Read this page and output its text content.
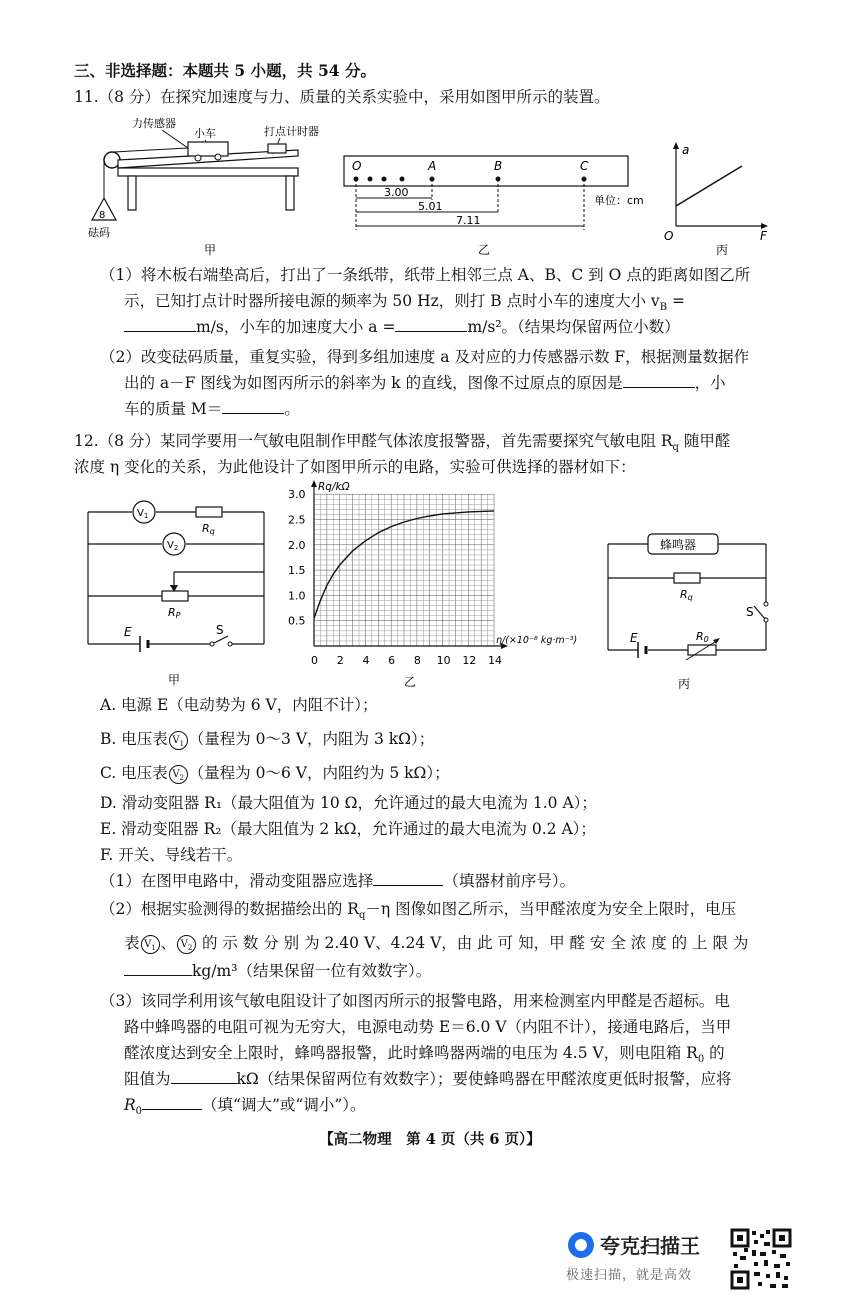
三、非选择题：本题共 5 小题，共 54 分。
11.（8 分）在探究加速度与力、质量的关系实验中，采用如图甲所示的装置。
力传感器
小车	打点计时器
8
砝码
甲
O	A	B	C
3.00
5.01
7.11
单位：cm
乙
a
F
O
丙
（1）将木板右端垫高后，打出了一条纸带，纸带上相邻三点 A、B、C 到 O 点的距离如图乙所
示，已知打点计时器所接电源的频率为 50 Hz，则打 B 点时小车的速度大小 $v_B$ =
m/s，小车的加速度大小 a =	m/s²。（结果均保留两位小数）
（2）改变砝码质量，重复实验，得到多组加速度 a 及对应的力传感器示数 F，根据测量数据作
出的 a－F 图线为如图丙所示的斜率为 k 的直线，图像不过原点的原因是	，小
车的质量 M＝	。
12.（8 分）某同学要用一气敏电阻制作甲醛气体浓度报警器，首先需要探究气敏电阻 $R_q$ 随甲醛
浓度 η 变化的关系，为此他设计了如图甲所示的电路，实验可供选择的器材如下：
$V_1$
Rq
$V_2$
RP
E	S
甲
Rq/kΩ
η/(×10⁻⁸ kg·m⁻³)
0 2 4 6 8 10 12 14
0.5
1.0
1.5
2.0
2.5
3.0
乙
蜂鸣器
Rq
S
E	R0
丙
A. 电源 E（电动势为 6 V，内阻不计）；
B. 电压表 $V_1$ （量程为 0～3 V，内阻为 3 kΩ）；
C. 电压表 $V_2$ （量程为 0～6 V，内阻约为 5 kΩ）；
D. 滑动变阻器 R₁（最大阻值为 10 Ω，允许通过的最大电流为 1.0 A）；
E. 滑动变阻器 R₂（最大阻值为 2 kΩ，允许通过的最大电流为 0.2 A）；
F. 开关、导线若干。
（1）在图甲电路中，滑动变阻器应选择	（填器材前序号）。
（2）根据实验测得的数据描绘出的 $R_q-\eta$ 图像如图乙所示，当甲醛浓度为安全上限时，电压
表 $V_1$ 、 $V_2$ 的 示 数 分 别 为 2.40 V、4.24 V，由 此 可 知，甲 醛 安 全 浓 度 的 上 限 为
kg/m³（结果保留一位有效数字）。
（3）该同学利用该气敏电阻设计了如图丙所示的报警电路，用来检测室内甲醛是否超标。电
路中蜂鸣器的电阻可视为无穷大，电源电动势 E＝6.0 V（内阻不计），接通电路后，当甲
醛浓度达到安全上限时，蜂鸣器报警，此时蜂鸣器两端的电压为 4.5 V，则电阻箱 $R_0$ 的
阻值为	kΩ（结果保留两位有效数字）；要使蜂鸣器在甲醛浓度更低时报警，应将
$R_0$	（填“调大”或“调小”）。
【高二物理　第 4 页（共 6 页）】
夸克扫描王
极速扫描，就是高效
